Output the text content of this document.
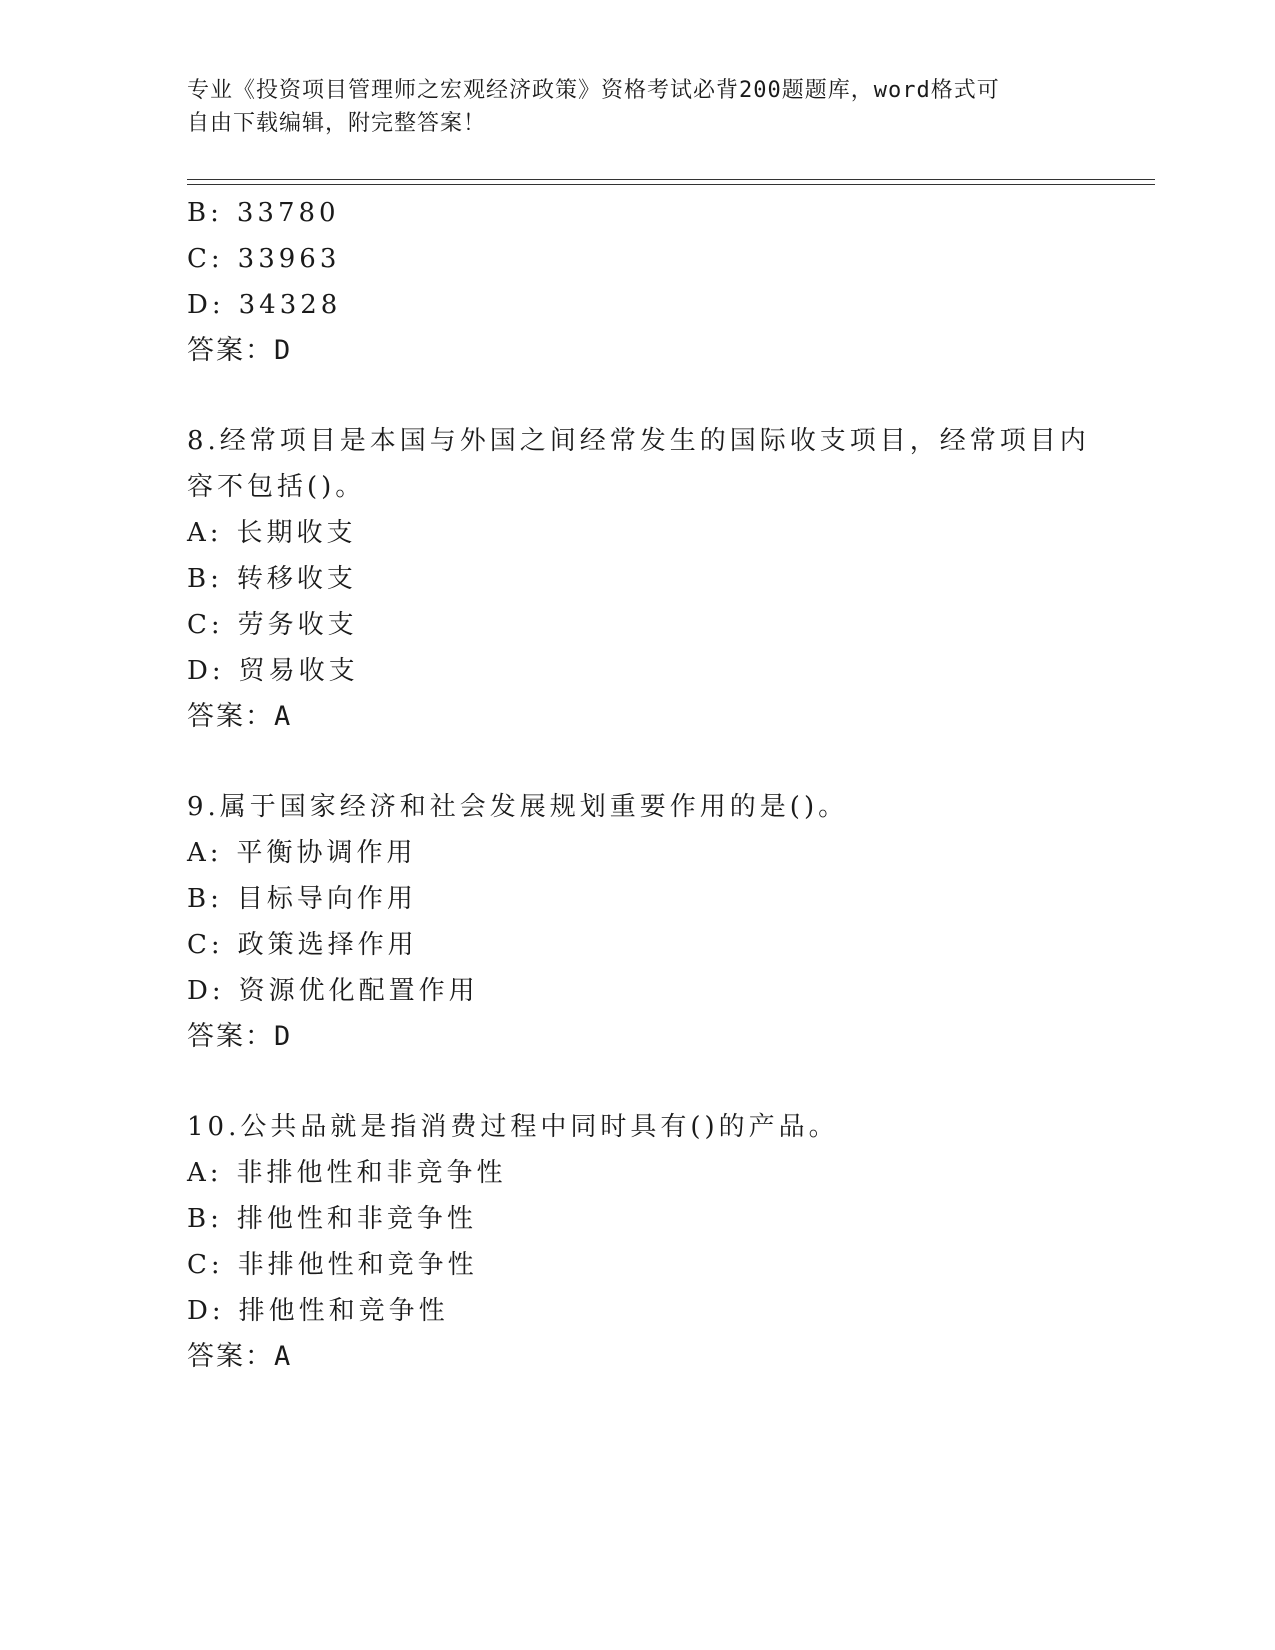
专业《投资项目管理师之宏观经济政策》资格考试必背200题题库，word格式可
自由下载编辑，附完整答案！
B: 33780
C: 33963
D: 34328
答案：D
8.经常项目是本国与外国之间经常发生的国际收支项目，经常项目内
容不包括()。
A: 长期收支
B: 转移收支
C: 劳务收支
D: 贸易收支
答案：A
9.属于国家经济和社会发展规划重要作用的是()。
A: 平衡协调作用
B: 目标导向作用
C: 政策选择作用
D: 资源优化配置作用
答案：D
10.公共品就是指消费过程中同时具有()的产品。
A: 非排他性和非竞争性
B: 排他性和非竞争性
C: 非排他性和竞争性
D: 排他性和竞争性
答案：A
